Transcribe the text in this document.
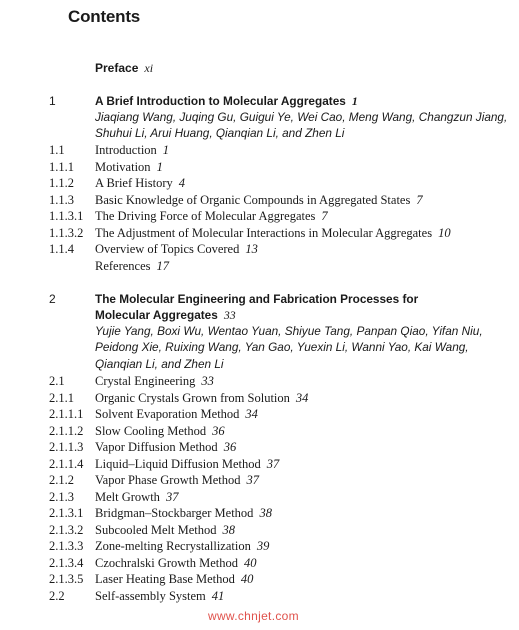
Contents
Preface xi
1	A Brief Introduction to Molecular Aggregates 1
Jiaqiang Wang, Juqing Gu, Guigui Ye, Wei Cao, Meng Wang, Changzun Jiang,
Shuhui Li, Arui Huang, Qianqian Li, and Zhen Li
1.1 Introduction 1
1.1.1 Motivation 1
1.1.2 A Brief History 4
1.1.3 Basic Knowledge of Organic Compounds in Aggregated States 7
1.1.3.1 The Driving Force of Molecular Aggregates 7
1.1.3.2 The Adjustment of Molecular Interactions in Molecular Aggregates 10
1.1.4 Overview of Topics Covered 13
References 17
2	The Molecular Engineering and Fabrication Processes for
Molecular Aggregates 33
Yujie Yang, Boxi Wu, Wentao Yuan, Shiyue Tang, Panpan Qiao, Yifan Niu,
Peidong Xie, Ruixing Wang, Yan Gao, Yuexin Li, Wanni Yao, Kai Wang,
Qianqian Li, and Zhen Li
2.1 Crystal Engineering 33
2.1.1 Organic Crystals Grown from Solution 34
2.1.1.1 Solvent Evaporation Method 34
2.1.1.2 Slow Cooling Method 36
2.1.1.3 Vapor Diffusion Method 36
2.1.1.4 Liquid–Liquid Diffusion Method 37
2.1.2 Vapor Phase Growth Method 37
2.1.3 Melt Growth 37
2.1.3.1 Bridgman–Stockbarger Method 38
2.1.3.2 Subcooled Melt Method 38
2.1.3.3 Zone-melting Recrystallization 39
2.1.3.4 Czochralski Growth Method 40
2.1.3.5 Laser Heating Base Method 40
2.2 Self-assembly System 41
www.chnjet.com
